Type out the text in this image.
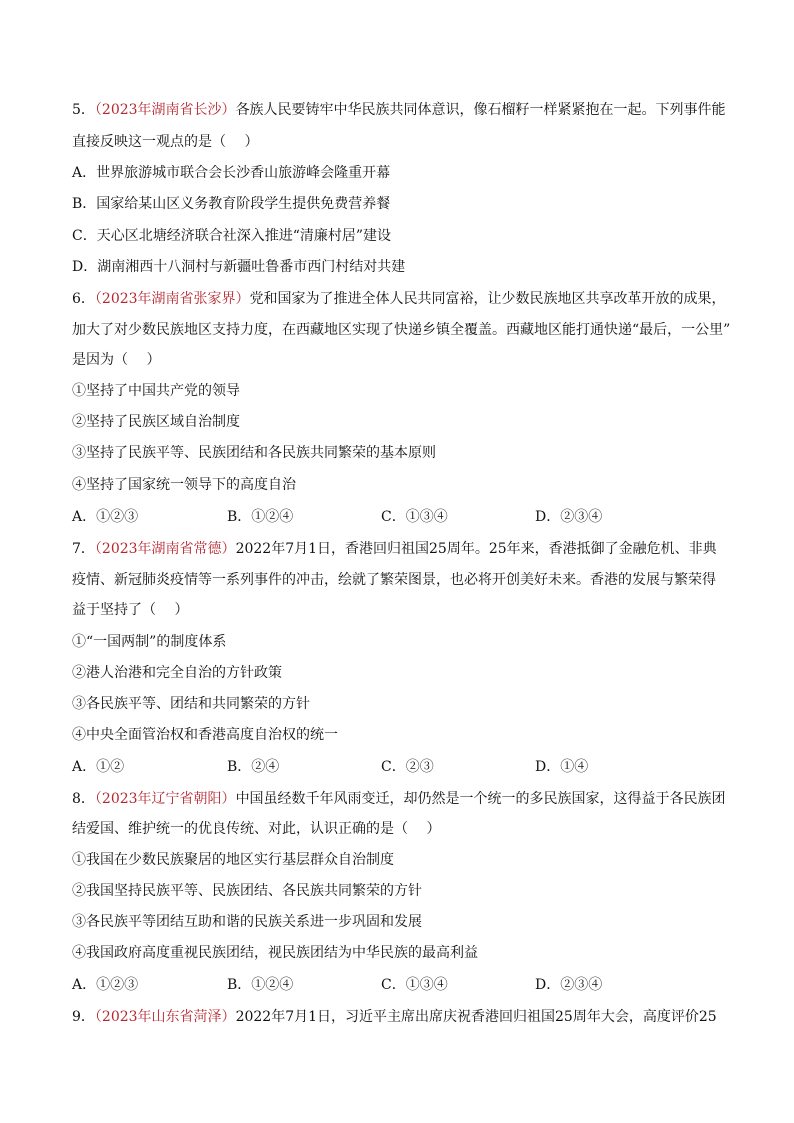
5．（2023年湖南省长沙）各族人民要铸牢中华民族共同体意识，像石榴籽一样紧紧抱在一起。下列事件能
直接反映这一观点的是（　 ）
A．世界旅游城市联合会长沙香山旅游峰会隆重开幕
B．国家给某山区义务教育阶段学生提供免费营养餐
C．天心区北塘经济联合社深入推进“清廉村居”建设
D．湖南湘西十八洞村与新疆吐鲁番市西门村结对共建
6．（2023年湖南省张家界）党和国家为了推进全体人民共同富裕，让少数民族地区共享改革开放的成果，
加大了对少数民族地区支持力度，在西藏地区实现了快递乡镇全覆盖。西藏地区能打通快递“最后，一公里”
是因为（　 ）
①坚持了中国共产党的领导
②坚持了民族区域自治制度
③坚持了民族平等、民族团结和各民族共同繁荣的基本原则
④坚持了国家统一领导下的高度自治
A．①②③	B．①②④	C．①③④	D．②③④
7．（2023年湖南省常德）2022年7月1日，香港回归祖国25周年。25年来，香港抵御了金融危机、非典
疫情、新冠肺炎疫情等一系列事件的冲击，绘就了繁荣图景，也必将开创美好未来。香港的发展与繁荣得
益于坚持了（　 ）
①“一国两制”的制度体系
②港人治港和完全自治的方针政策
③各民族平等、团结和共同繁荣的方针
④中央全面管治权和香港高度自治权的统一
A．①②	B．②④	C．②③	D．①④
8．（2023年辽宁省朝阳）中国虽经数千年风雨变迁，却仍然是一个统一的多民族国家，这得益于各民族团
结爱国、维护统一的优良传统、对此，认识正确的是（　 ）
①我国在少数民族聚居的地区实行基层群众自治制度
②我国坚持民族平等、民族团结、各民族共同繁荣的方针
③各民族平等团结互助和谐的民族关系进一步巩固和发展
④我国政府高度重视民族团结，视民族团结为中华民族的最高利益
A．①②③	B．①②④	C．①③④	D．②③④
9．（2023年山东省菏泽）2022年7月1日，习近平主席出席庆祝香港回归祖国25周年大会，高度评价25
